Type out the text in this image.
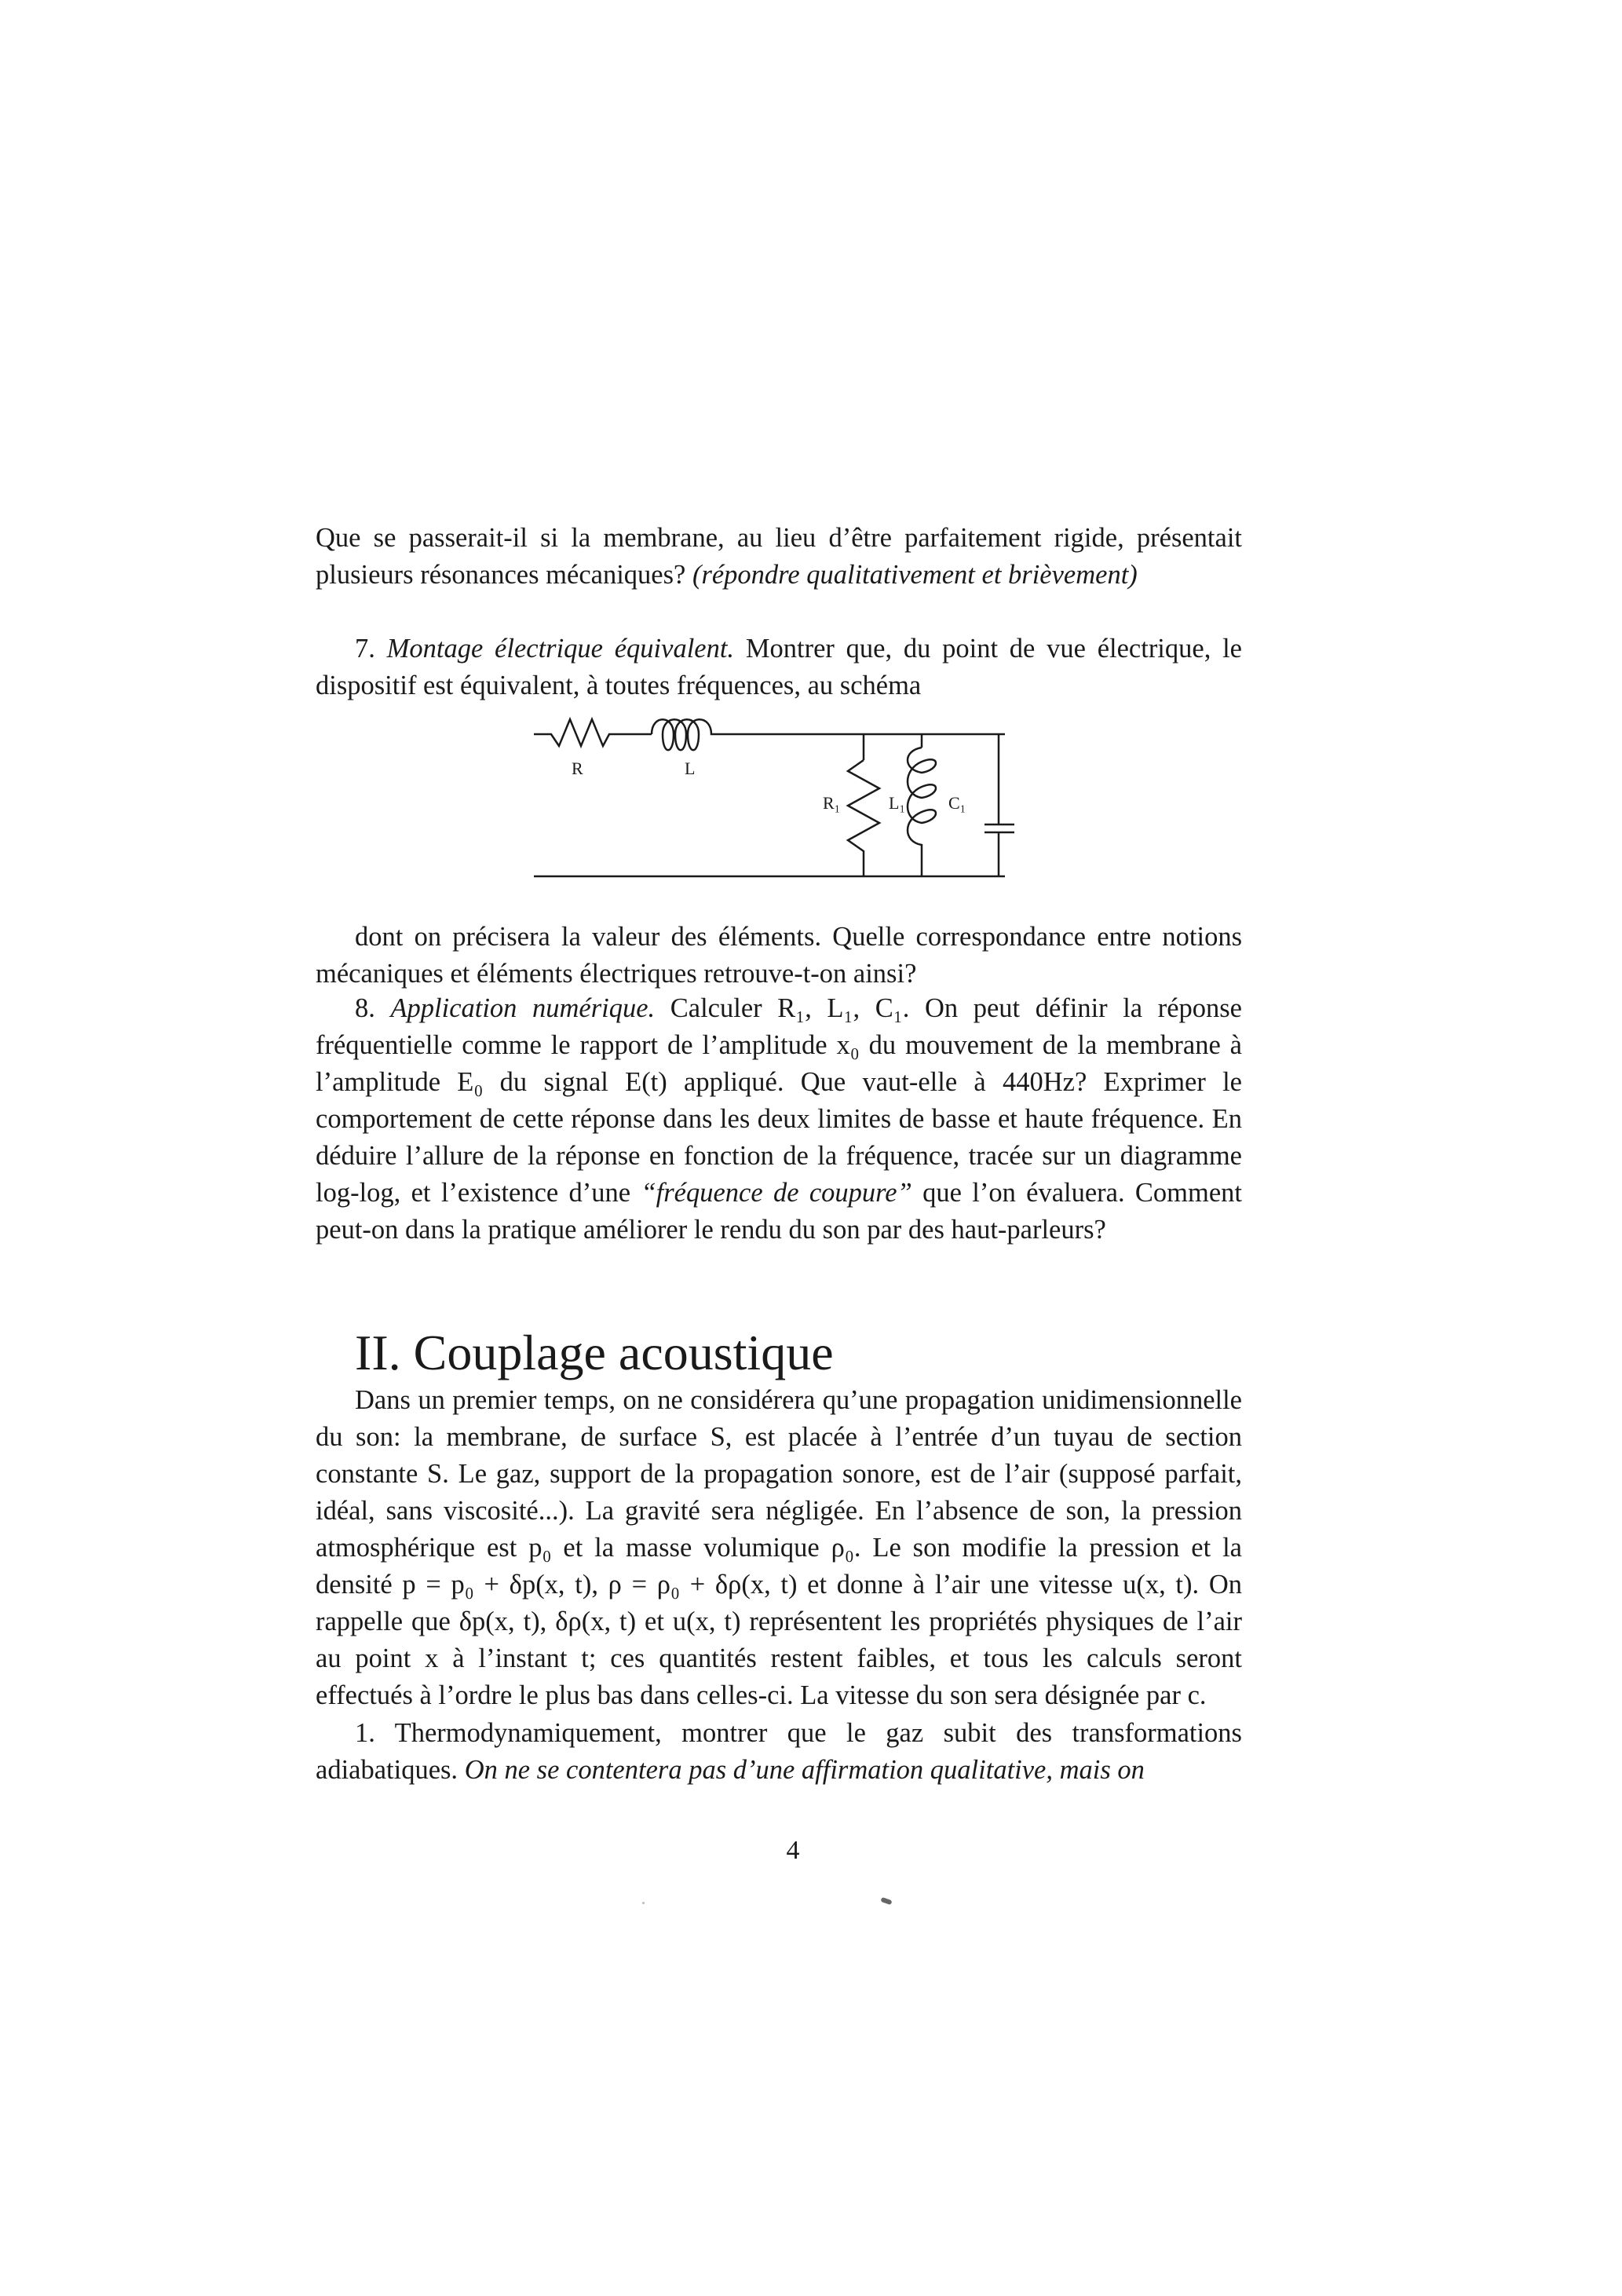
Que se passerait-il si la membrane, au lieu d’être parfaitement rigide, présentait plusieurs résonances mécaniques? (répondre qualitativement et brièvement)

7. Montage électrique équivalent. Montrer que, du point de vue électrique, le dispositif est équivalent, à toutes fréquences, au schéma

R	L
R₁	L₁ C₁

dont on précisera la valeur des éléments. Quelle correspondance entre notions mécaniques et éléments électriques retrouve-t-on ainsi?

8. Application numérique. Calculer R₁, L₁, C₁. On peut définir la réponse fréquentielle comme le rapport de l’amplitude x₀ du mouvement de la membrane à l’amplitude E₀ du signal E(t) appliqué. Que vaut-elle à 440Hz? Exprimer le comportement de cette réponse dans les deux limites de basse et haute fréquence. En déduire l’allure de la réponse en fonction de la fréquence, tracée sur un diagramme log-log, et l’existence d’une “fréquence de coupure” que l’on évaluera. Comment peut-on dans la pratique améliorer le rendu du son par des haut-parleurs?

II. Couplage acoustique

Dans un premier temps, on ne considérera qu’une propagation unidimensionnelle du son: la membrane, de surface S, est placée à l’entrée d’un tuyau de section constante S. Le gaz, support de la propagation sonore, est de l’air (supposé parfait, idéal, sans viscosité...). La gravité sera négligée. En l’absence de son, la pression atmosphérique est p₀ et la masse volumique ρ₀. Le son modifie la pression et la densité p = p₀ + δp(x, t), ρ = ρ₀ + δρ(x, t) et donne à l’air une vitesse u(x, t). On rappelle que δp(x, t), δρ(x, t) et u(x, t) représentent les propriétés physiques de l’air au point x à l’instant t; ces quantités restent faibles, et tous les calculs seront effectués à l’ordre le plus bas dans celles-ci. La vitesse du son sera désignée par c.

1. Thermodynamiquement, montrer que le gaz subit des transformations adiabatiques. On ne se contentera pas d’une affirmation qualitative, mais on

4
